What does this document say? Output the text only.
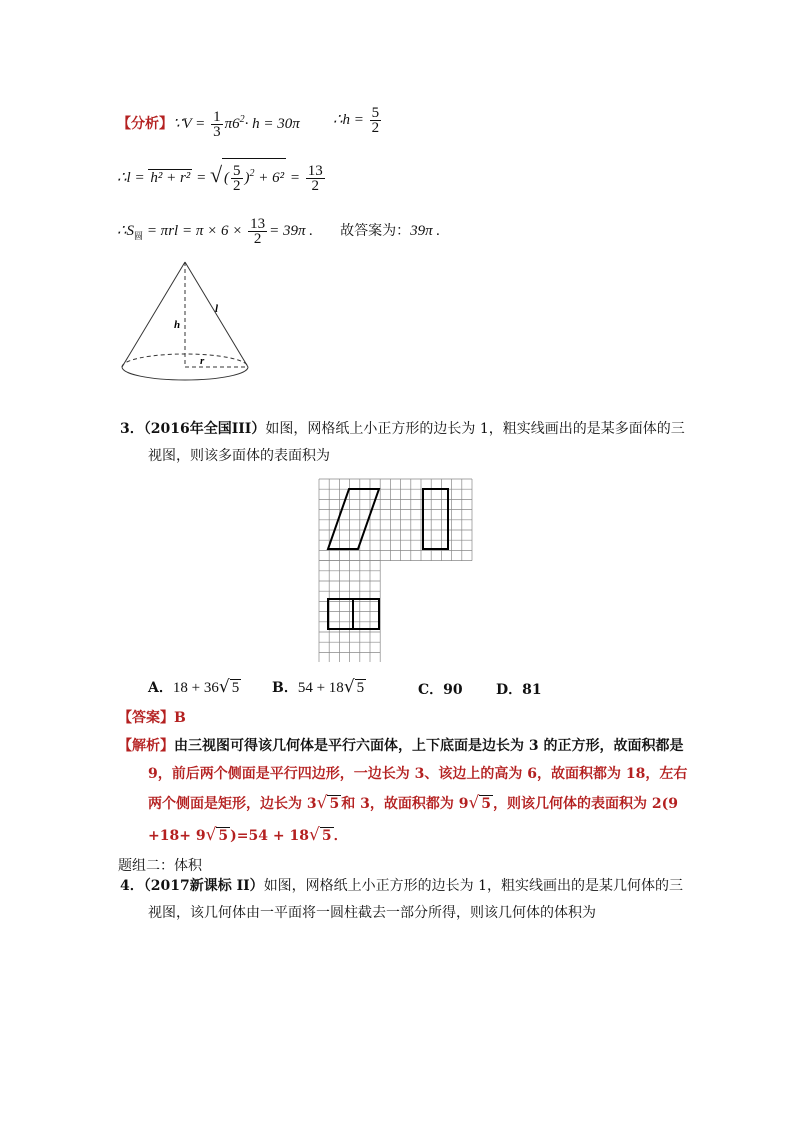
【分析】∵V = $\frac{1}{3} \pi 6^2\cdot h = 30\pi$ ∴h = $\frac{5}{2}$
∴l = h² + r² = √ ( $\frac{5}{2} )^2 + 6^2 = \frac{13}{2}$
$\therefore S_圆 = \pi rl = \pi \times 6 \times \frac{13}{2} = 39\pi$ . 故答案为：39π .
h
l
r
3．（2016年全国III）如图，网格纸上小正方形的边长为 1，粗实线画出的是某多面体的三
视图，则该多面体的表面积为
A．18 + 36√ 5 B．54 + 18√ 5	C．90 D．81
【答案】B
【解析】由三视图可得该几何体是平行六面体，上下底面是边长为 3 的正方形，故面积都是
9，前后两个侧面是平行四边形，一边长为 3、该边上的高为 6，故面积都为 18，左右
两个侧面是矩形，边长为 3√ 5 和 3，故面积都为 9√ 5 ，则该几何体的表面积为 2(9
+18+ 9√ 5 )=54 + 18√ 5 ．
题组二：体积
4．（2017新课标 II）如图，网格纸上小正方形的边长为 1，粗实线画出的是某几何体的三
视图，该几何体由一平面将一圆柱截去一部分所得，则该几何体的体积为
